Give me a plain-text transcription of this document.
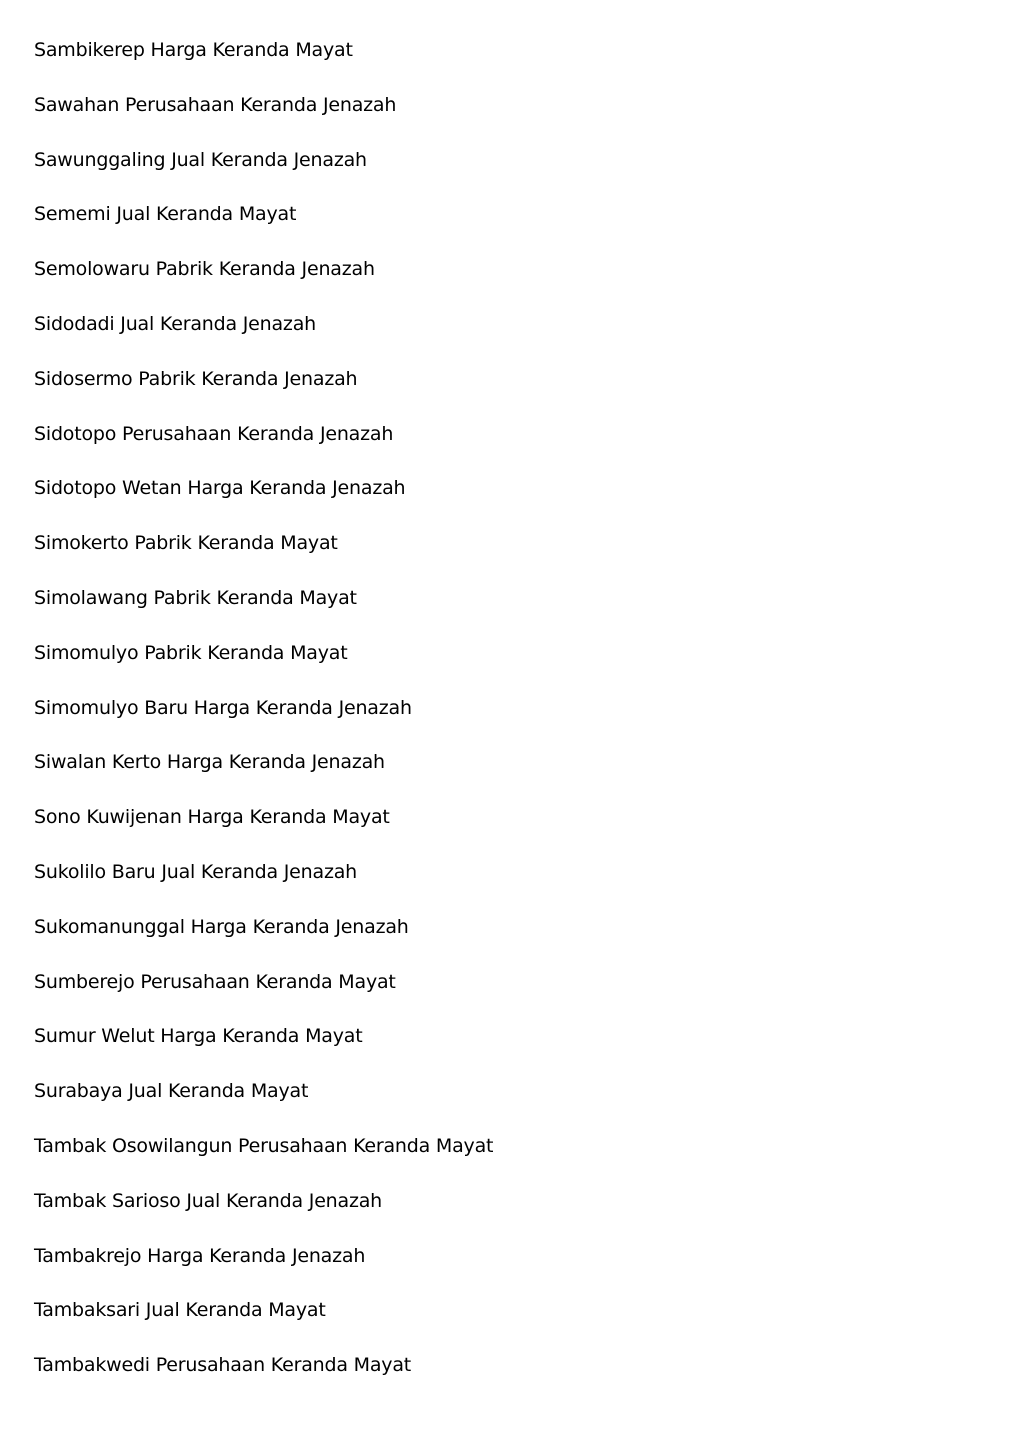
Sambikerep Harga Keranda Mayat
Sawahan Perusahaan Keranda Jenazah
Sawunggaling Jual Keranda Jenazah
Sememi Jual Keranda Mayat
Semolowaru Pabrik Keranda Jenazah
Sidodadi Jual Keranda Jenazah
Sidosermo Pabrik Keranda Jenazah
Sidotopo Perusahaan Keranda Jenazah
Sidotopo Wetan Harga Keranda Jenazah
Simokerto Pabrik Keranda Mayat
Simolawang Pabrik Keranda Mayat
Simomulyo Pabrik Keranda Mayat
Simomulyo Baru Harga Keranda Jenazah
Siwalan Kerto Harga Keranda Jenazah
Sono Kuwijenan Harga Keranda Mayat
Sukolilo Baru Jual Keranda Jenazah
Sukomanunggal Harga Keranda Jenazah
Sumberejo Perusahaan Keranda Mayat
Sumur Welut Harga Keranda Mayat
Surabaya Jual Keranda Mayat
Tambak Osowilangun Perusahaan Keranda Mayat
Tambak Sarioso Jual Keranda Jenazah
Tambakrejo Harga Keranda Jenazah
Tambaksari Jual Keranda Mayat
Tambakwedi Perusahaan Keranda Mayat
